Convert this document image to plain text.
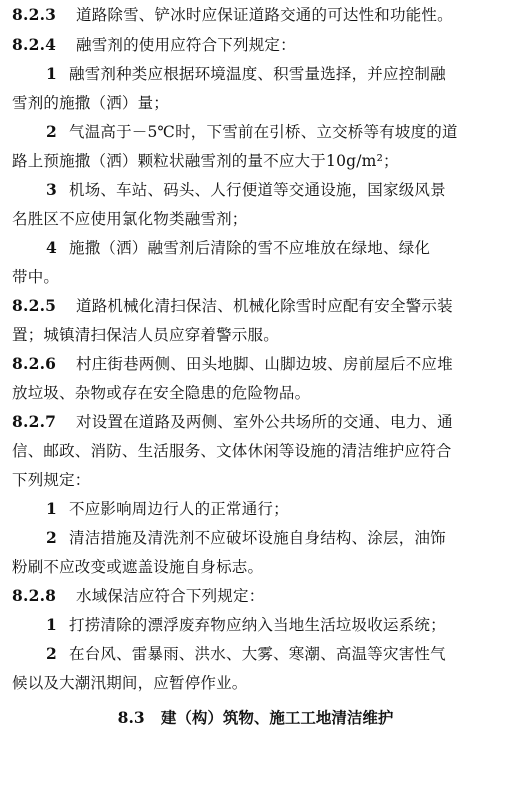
8.2.3 道路除雪、铲冰时应保证道路交通的可达性和功能性。
8.2.4 融雪剂的使用应符合下列规定：
1 融雪剂种类应根据环境温度、积雪量选择，并应控制融
雪剂的施撒（洒）量；
2 气温高于－5℃时，下雪前在引桥、立交桥等有坡度的道
路上预施撒（洒）颗粒状融雪剂的量不应大于10g/m²；
3 机场、车站、码头、人行便道等交通设施，国家级风景
名胜区不应使用氯化物类融雪剂；
4 施撒（洒）融雪剂后清除的雪不应堆放在绿地、绿化
带中。
8.2.5 道路机械化清扫保洁、机械化除雪时应配有安全警示装
置；城镇清扫保洁人员应穿着警示服。
8.2.6 村庄街巷两侧、田头地脚、山脚边坡、房前屋后不应堆
放垃圾、杂物或存在安全隐患的危险物品。
8.2.7 对设置在道路及两侧、室外公共场所的交通、电力、通
信、邮政、消防、生活服务、文体休闲等设施的清洁维护应符合
下列规定：
1 不应影响周边行人的正常通行；
2 清洁措施及清洗剂不应破坏设施自身结构、涂层，油饰
粉刷不应改变或遮盖设施自身标志。
8.2.8 水域保洁应符合下列规定：
1 打捞清除的漂浮废弃物应纳入当地生活垃圾收运系统；
2 在台风、雷暴雨、洪水、大雾、寒潮、高温等灾害性气
候以及大潮汛期间，应暂停作业。
8.3 建（构）筑物、施工工地清洁维护
